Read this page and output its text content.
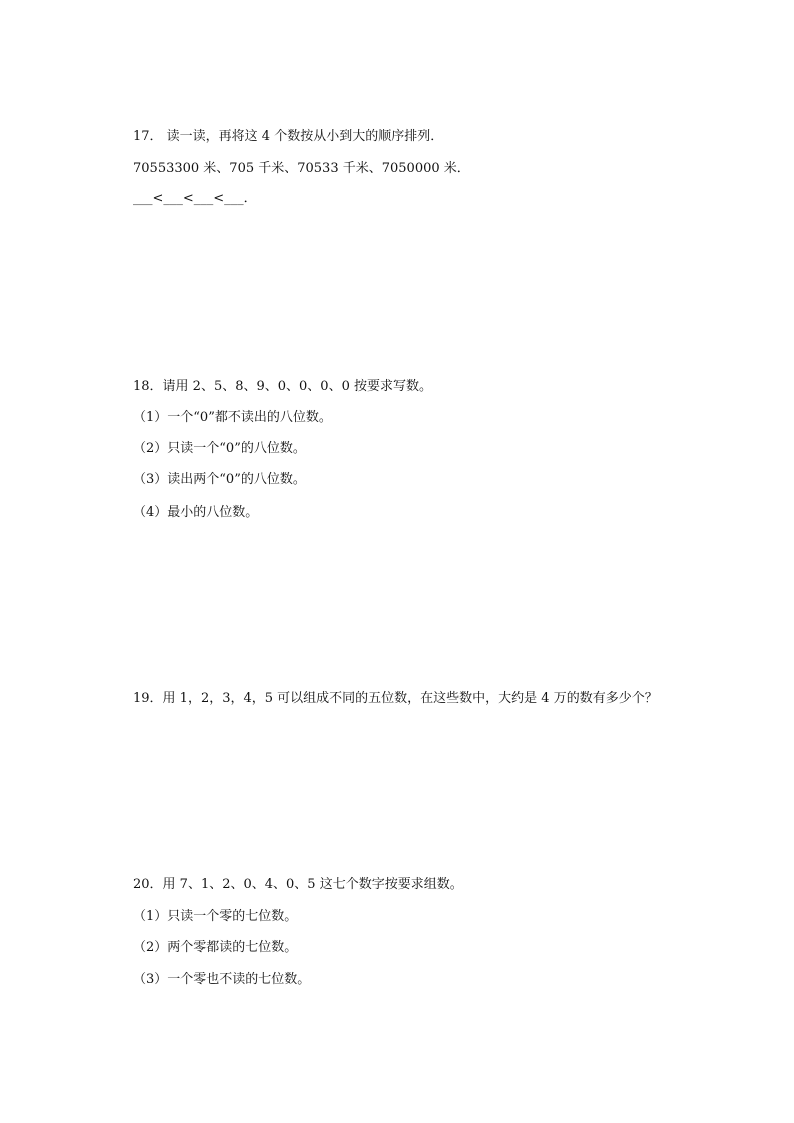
17． 读一读，再将这 4 个数按从小到大的顺序排列．
70553300 米、705 千米、70533 千米、7050000 米．
___<___<___<___．
18．请用 2、5、8、9、0、0、0、0 按要求写数。
（1）一个“0”都不读出的八位数。
（2）只读一个“0”的八位数。
（3）读出两个“0”的八位数。
（4）最小的八位数。
19．用 1，2，3，4，5 可以组成不同的五位数，在这些数中，大约是 4 万的数有多少个？
20．用 7、1、2、0、4、0、5 这七个数字按要求组数。
（1）只读一个零的七位数。
（2）两个零都读的七位数。
（3）一个零也不读的七位数。
